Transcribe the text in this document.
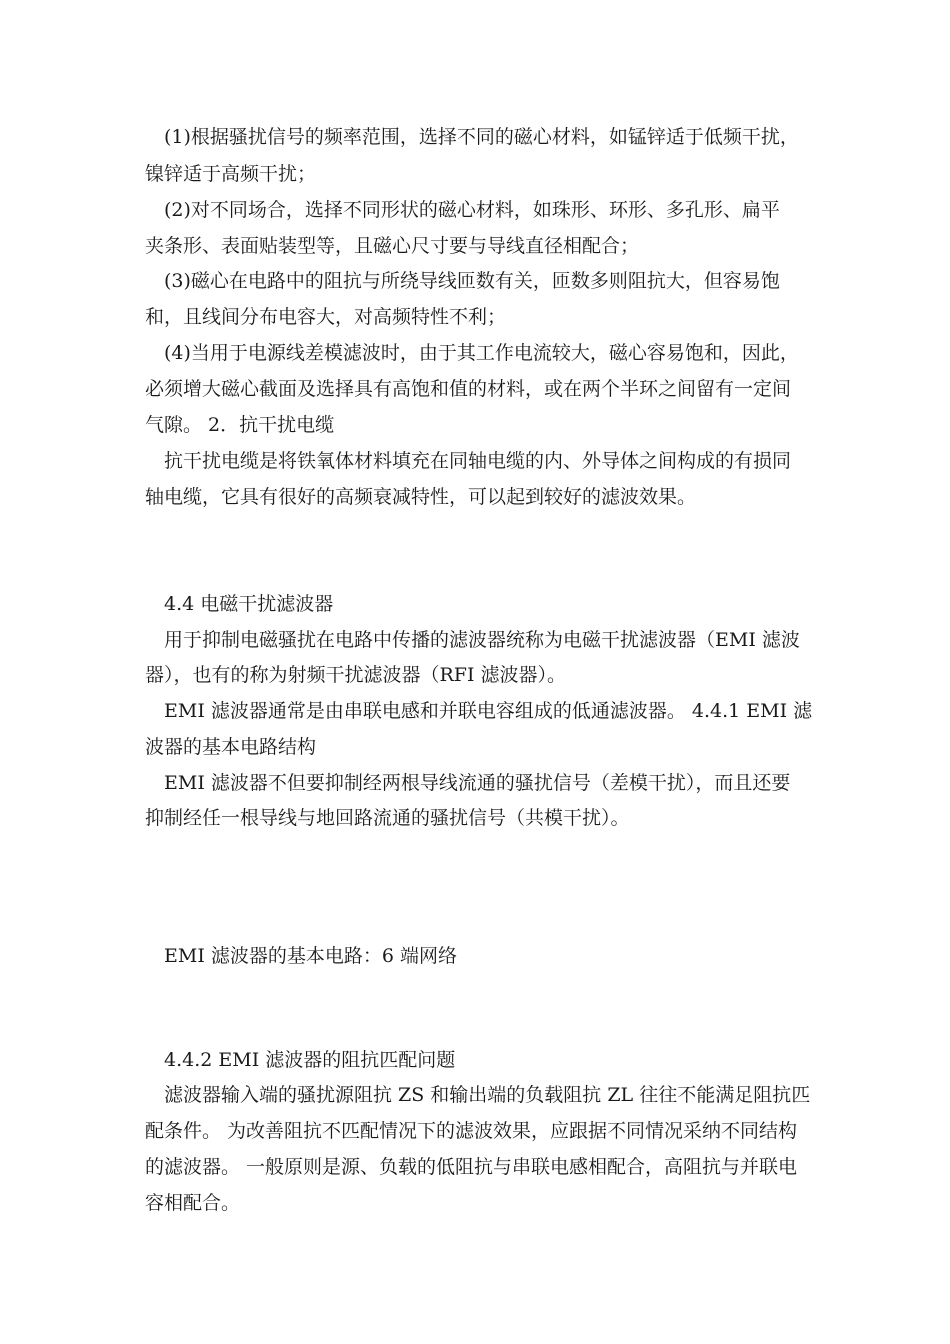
(1)根据骚扰信号的频率范围，选择不同的磁心材料，如锰锌适于低频干扰，
镍锌适于高频干扰；
(2)对不同场合，选择不同形状的磁心材料，如珠形、环形、多孔形、扁平
夹条形、表面贴装型等，且磁心尺寸要与导线直径相配合；
(3)磁心在电路中的阻抗与所绕导线匝数有关，匝数多则阻抗大，但容易饱
和，且线间分布电容大，对高频特性不利；
(4)当用于电源线差模滤波时，由于其工作电流较大，磁心容易饱和，因此，
必须增大磁心截面及选择具有高饱和值的材料，或在两个半环之间留有一定间
气隙。 2．抗干扰电缆
抗干扰电缆是将铁氧体材料填充在同轴电缆的内、外导体之间构成的有损同
轴电缆，它具有很好的高频衰减特性，可以起到较好的滤波效果。
4.4 电磁干扰滤波器
用于抑制电磁骚扰在电路中传播的滤波器统称为电磁干扰滤波器（EMI 滤波
器），也有的称为射频干扰滤波器（RFI 滤波器）。
EMI 滤波器通常是由串联电感和并联电容组成的低通滤波器。 4.4.1 EMI 滤
波器的基本电路结构
EMI 滤波器不但要抑制经两根导线流通的骚扰信号（差模干扰），而且还要
抑制经任一根导线与地回路流通的骚扰信号（共模干扰）。
EMI 滤波器的基本电路：6 端网络
4.4.2 EMI 滤波器的阻抗匹配问题
滤波器输入端的骚扰源阻抗 ZS 和输出端的负载阻抗 ZL 往往不能满足阻抗匹
配条件。 为改善阻抗不匹配情况下的滤波效果，应跟据不同情况采纳不同结构
的滤波器。 一般原则是源、负载的低阻抗与串联电感相配合，高阻抗与并联电
容相配合。
